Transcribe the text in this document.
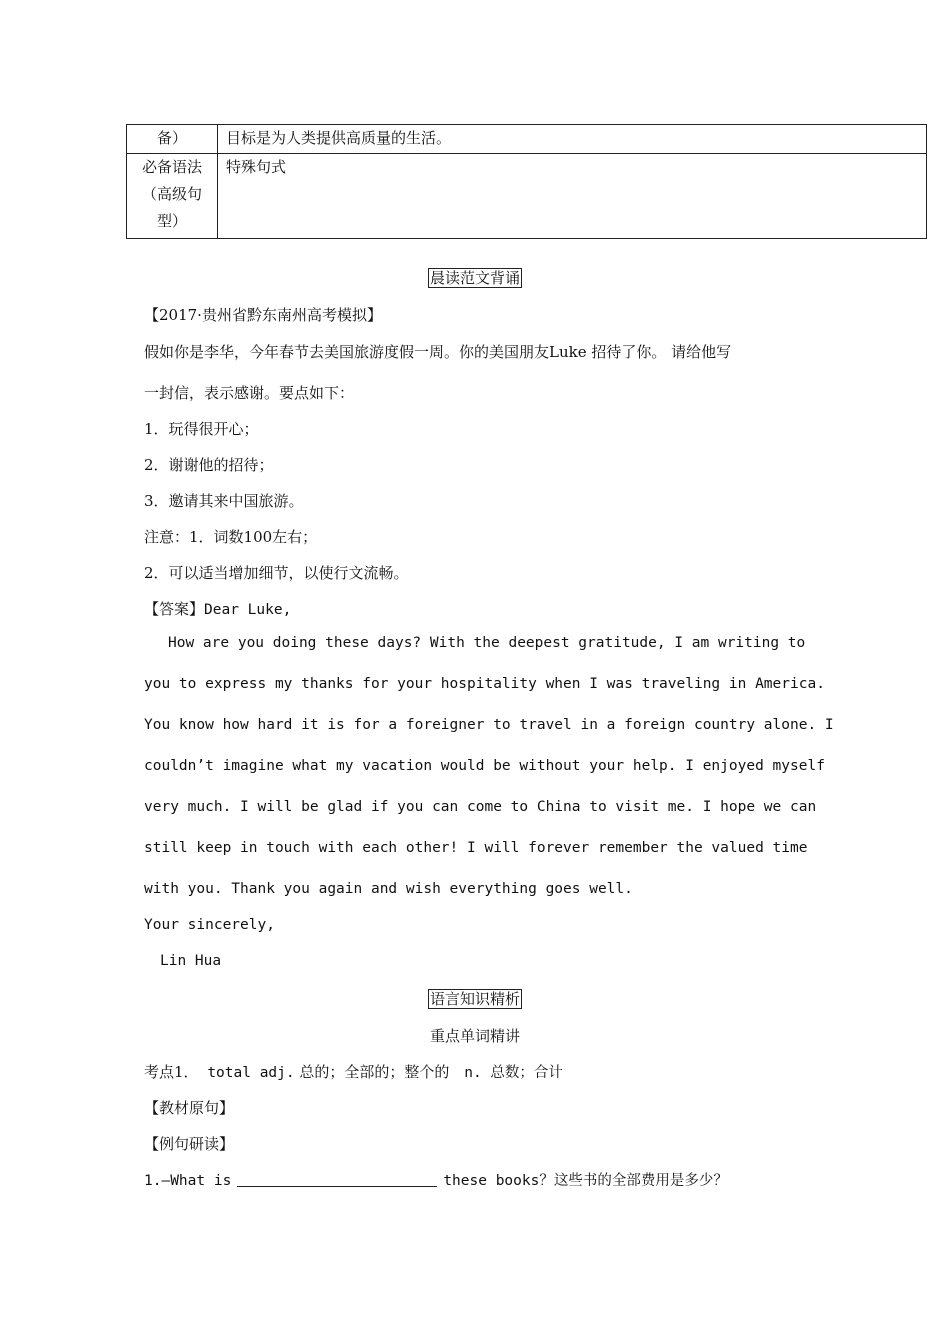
备）	目标是为人类提供高质量的生活。

必备语法
（高级句
型）	特殊句式
晨读范文背诵
【2017·贵州省黔东南州高考模拟】
假如你是李华，今年春节去美国旅游度假一周。你的美国朋友Luke 招待了你。 请给他写
一封信，表示感谢。要点如下：
1．玩得很开心；
2．谢谢他的招待；
3．邀请其来中国旅游。
注意：1．词数100左右；
2．可以适当增加细节，以使行文流畅。
【答案】Dear Luke,
How are you doing these days? With the deepest gratitude, I am writing to
you to express my thanks for your hospitality when I was traveling in America.
You know how hard it is for a foreigner to travel in a foreign country alone. I
couldn’t imagine what my vacation would be without your help. I enjoyed myself
very much. I will be glad if you can come to China to visit me. I hope we can
still keep in touch with each other! I will forever remember the valued time
with you. Thank you again and wish everything goes well.
Your sincerely,
Lin Hua
语言知识精析
重点单词精讲
考点1． total adj. 总的；全部的；整个的 n. 总数；合计
【教材原句】
【例句研读】
1.—What is	these books？这些书的全部费用是多少？
